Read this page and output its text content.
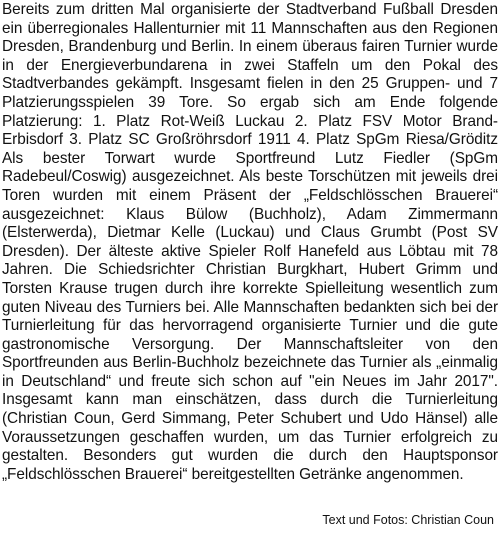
Bereits zum dritten Mal organisierte der Stadtverband Fußball Dresden ein überregionales Hallenturnier mit 11 Mannschaften aus den Regionen Dresden, Brandenburg und Berlin. In einem überaus fairen Turnier wurde in der Energieverbundarena in zwei Staffeln um den Pokal des Stadtverbandes gekämpft. Insgesamt fielen in den 25 Gruppen- und 7 Platzierungsspielen 39 Tore. So ergab sich am Ende folgende Platzierung: 1. Platz Rot-Weiß Luckau 2. Platz FSV Motor Brand-Erbisdorf 3. Platz SC Großröhrsdorf 1911 4. Platz SpGm Riesa/Gröditz Als bester Torwart wurde Sportfreund Lutz Fiedler (SpGm Radebeul/Coswig) ausgezeichnet. Als beste Torschützen mit jeweils drei Toren wurden mit einem Präsent der „Feldschlösschen Brauerei“ ausgezeichnet: Klaus Bülow (Buchholz), Adam Zimmermann (Elsterwerda), Dietmar Kelle (Luckau) und Claus Grumbt (Post SV Dresden). Der älteste aktive Spieler Rolf Hanefeld aus Löbtau mit 78 Jahren. Die Schiedsrichter Christian Burgkhart, Hubert Grimm und Torsten Krause trugen durch ihre korrekte Spielleitung wesentlich zum guten Niveau des Turniers bei. Alle Mannschaften bedankten sich bei der Turnierleitung für das hervorragend organisierte Turnier und die gute gastronomische Versorgung. Der Mannschaftsleiter von den Sportfreunden aus Berlin-Buchholz bezeichnete das Turnier als „einmalig in Deutschland“ und freute sich schon auf "ein Neues im Jahr 2017". Insgesamt kann man einschätzen, dass durch die Turnierleitung (Christian Coun, Gerd Simmang, Peter Schubert und Udo Hänsel) alle Voraussetzungen geschaffen wurden, um das Turnier erfolgreich zu gestalten. Besonders gut wurden die durch den Hauptsponsor „Feldschlösschen Brauerei“ bereitgestellten Getränke angenommen.

Text und Fotos: Christian Coun
